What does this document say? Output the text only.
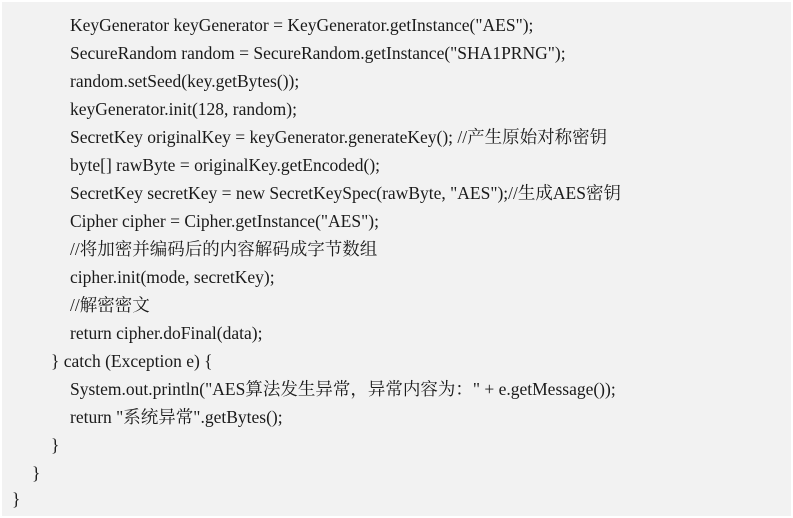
KeyGenerator keyGenerator = KeyGenerator.getInstance("AES");
SecureRandom random = SecureRandom.getInstance("SHA1PRNG");
random.setSeed(key.getBytes());
keyGenerator.init(128, random);
SecretKey originalKey = keyGenerator.generateKey(); //产生原始对称密钥
byte[] rawByte = originalKey.getEncoded();
SecretKey secretKey = new SecretKeySpec(rawByte, "AES");//生成AES密钥
Cipher cipher = Cipher.getInstance("AES");
//将加密并编码后的内容解码成字节数组
cipher.init(mode, secretKey);
//解密密文
return cipher.doFinal(data);
} catch (Exception e) {
System.out.println("AES算法发生异常，异常内容为：" + e.getMessage());
return "系统异常".getBytes();
}
}
}
